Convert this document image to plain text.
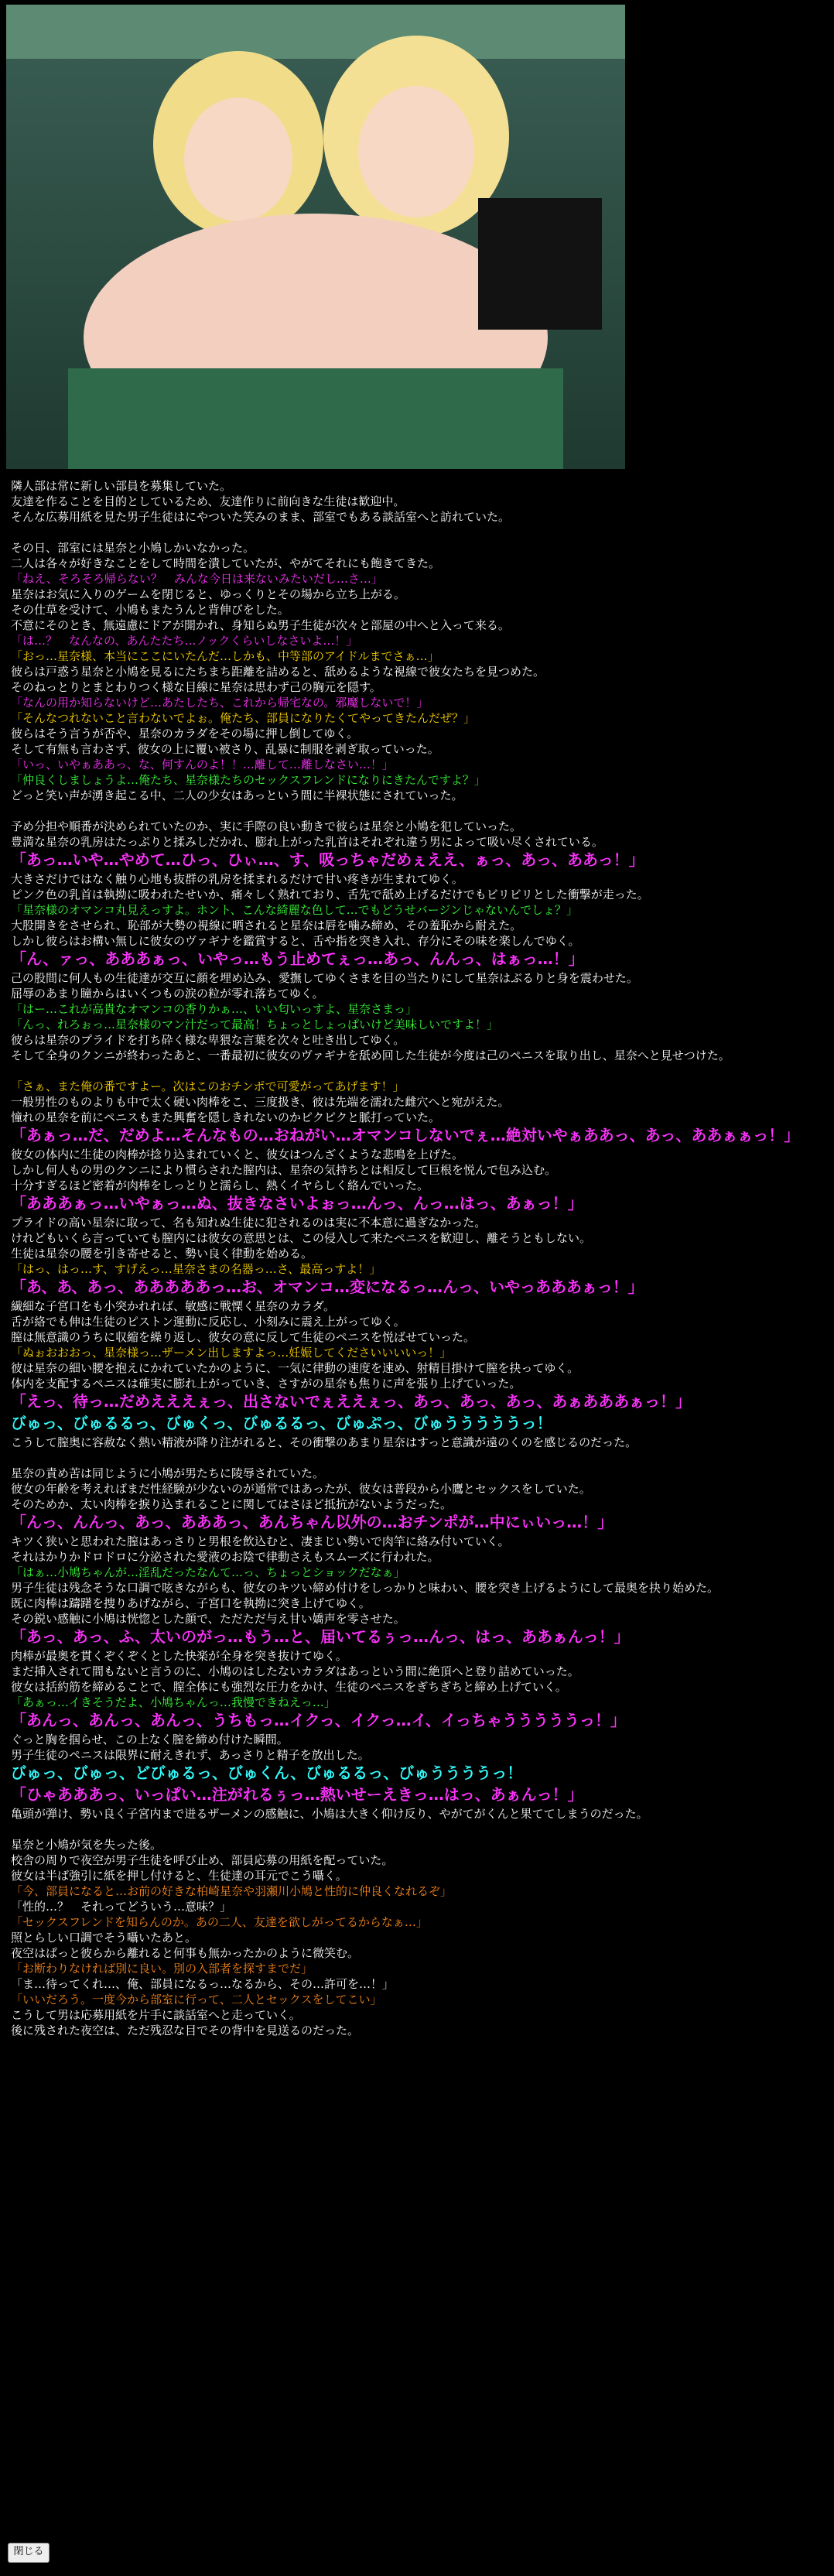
隣人部は常に新しい部員を募集していた。
友達を作ることを目的としているため、友達作りに前向きな生徒は歓迎中。
そんな広募用紙を見た男子生徒はにやついた笑みのまま、部室でもある談話室へと訪れていた。
その日、部室には星奈と小鳩しかいなかった。
二人は各々が好きなことをして時間を潰していたが、やがてそれにも飽きてきた。
「ねえ、そろそろ帰らない？　みんな今日は来ないみたいだし…さ…」
星奈はお気に入りのゲームを閉じると、ゆっくりとその場から立ち上がる。
その仕草を受けて、小鳩もまたうんと背伸びをした。
不意にそのとき、無遠慮にドアが開かれ、身知らぬ男子生徒が次々と部屋の中へと入って来る。
「は…？　なんなの、あんたたち…ノックくらいしなさいよ…！」
「おっ…星奈様、本当にここにいたんだ…しかも、中等部のアイドルまでさぁ…」
彼らは戸惑う星奈と小鳩を見るにたちまち距離を詰めると、舐めるような視線で彼女たちを見つめた。
そのねっとりとまとわりつく様な目線に星奈は思わず己の胸元を隠す。
「なんの用か知らないけど…あたしたち、これから帰宅なの。邪魔しないで！」
「そんなつれないこと言わないでよぉ。俺たち、部員になりたくてやってきたんだぜ？」
彼らはそう言うが否や、星奈のカラダをその場に押し倒してゆく。
そして有無も言わさず、彼女の上に覆い被さり、乱暴に制服を剥ぎ取っていった。
「いっ、いやぁああっ、な、何すんのよ！！…離して…離しなさい…！」
「仲良くしましょうよ…俺たち、星奈様たちのセックスフレンドになりにきたんですよ？」
どっと笑い声が湧き起こる中、二人の少女はあっという間に半裸状態にされていった。
予め分担や順番が決められていたのか、実に手際の良い動きで彼らは星奈と小鳩を犯していった。
豊満な星奈の乳房はたっぷりと揉みしだかれ、膨れ上がった乳首はそれぞれ違う男によって吸い尽くされている。
「あっ…いや…やめて…ひっ、ひぃ…、す、吸っちゃだめぇええ、ぁっ、あっ、ああっ！」
大きさだけではなく触り心地も抜群の乳房を揉まれるだけで甘い疼きが生まれてゆく。
ピンク色の乳首は執拗に吸われたせいか、痛々しく熟れており、舌先で舐め上げるだけでもビリビリとした衝撃が走った。
「星奈様のオマンコ丸見えっすよ。ホント、こんな綺麗な色して…でもどうせバージンじゃないんでしょ？」
大股開きをさせられ、恥部が大勢の視線に晒されると星奈は唇を噛み締め、その羞恥から耐えた。
しかし彼らはお構い無しに彼女のヴァギナを鑑賞すると、舌や指を突き入れ、存分にその味を楽しんでゆく。
「ん、ァっ、あああぁっ、いやっ…もう止めてぇっ…あっ、んんっ、はぁっ…！」
己の股間に何人もの生徒達が交互に顔を埋め込み、愛撫してゆくさまを目の当たりにして星奈はぶるりと身を震わせた。
屈辱のあまり瞳からはいくつもの涙の粒が零れ落ちてゆく。
「はー…これが高貴なオマンコの香りかぁ…、いい匂いっすよ、星奈さまっ」
「んっ、れろぉっ…星奈様のマン汁だって最高！ちょっとしょっぱいけど美味しいですよ！」
彼らは星奈のプライドを打ち砕く様な卑猥な言葉を次々と吐き出してゆく。
そして全身のクンニが終わったあと、一番最初に彼女のヴァギナを舐め回した生徒が今度は己のペニスを取り出し、星奈へと見せつけた。
「さぁ、また俺の番ですよー。次はこのおチンポで可愛がってあげます！」
一般男性のものよりも中で太く硬い肉棒をこ、三度扱き、彼は先端を濡れた雌穴へと宛がえた。
憧れの星奈を前にペニスもまた興奮を隠しきれないのかピクピクと脈打っていた。
「あぁっ…だ、だめよ…そんなもの…おねがい…オマンコしないでぇ…絶対いやぁああっ、あっ、ああぁぁっ！」
彼女の体内に生徒の肉棒が捻り込まれていくと、彼女はつんざくような悲鳴を上げた。
しかし何人もの男のクンニにより慣らされた膣内は、星奈の気持ちとは相反して巨根を悦んで包み込む。
十分すぎるほど密着が肉棒をしっとりと濡らし、熱くイヤらしく絡んでいった。
「あああぁっ…いやぁっ…ぬ、抜きなさいよぉっ…んっ、んっ…はっ、あぁっ！」
プライドの高い星奈に取って、名も知れぬ生徒に犯されるのは実に不本意に過ぎなかった。
けれどもいくら言っていても膣内には彼女の意思とは、この侵入して来たペニスを歓迎し、離そうともしない。
生徒は星奈の腰を引き寄せると、勢い良く律動を始める。
「はっ、はっ…す、すげえっ…星奈さまの名器っ…さ、最高っすよ！」
「あ、あ、あっ、あああああっ…お、オマンコ…変になるっ…んっ、いやっあああぁっ！」
繊細な子宮口をも小突かれれば、敏感に戦慄く星奈のカラダ。
舌が絡でも伸は生徒のピストン運動に反応し、小刻みに震え上がってゆく。
膣は無意識のうちに収縮を繰り返し、彼女の意に反して生徒のペニスを悦ばせていった。
「ぬぉおおおっ、星奈様っ…ザーメン出しますよっ…妊娠してくださいいいいっ！」
彼は星奈の細い腰を抱えにかれていたかのように、一気に律動の速度を速め、射精目掛けて膣を抉ってゆく。
体内を支配するペニスは確実に膨れ上がっていき、さすがの星奈も焦りに声を張り上げていった。
「えっ、待っ…だめえええぇっ、出さないでぇええぇっ、あっ、あっ、あっ、あぁあああぁっ！」
びゅっ、びゅるるっ、びゅくっ、びゅるるっ、びゅぷっ、びゅうううううっ！
こうして膣奥に容赦なく熱い精液が降り注がれると、その衝撃のあまり星奈はすっと意識が遠のくのを感じるのだった。
星奈の責め苦は同じように小鳩が男たちに陵辱されていた。
彼女の年齢を考えればまだ性経験が少ないのが通常ではあったが、彼女は普段から小鷹とセックスをしていた。
そのためか、太い肉棒を捩り込まれることに関してはさほど抵抗がないようだった。
「んっ、んんっ、あっ、あああっ、あんちゃん以外の…おチンポが…中にぃいっ…！」
キツく狭いと思われた膣はあっさりと男根を飲込むと、凄まじい勢いで肉竿に絡み付いていく。
それはかりかドロドロに分泌された愛液のお陰で律動さえもスムーズに行われた。
「はぁ…小鳩ちゃんが…淫乱だったなんて…っ、ちょっとショックだなぁ」
男子生徒は残念そうな口調で呟きながらも、彼女のキツい締め付けをしっかりと味わい、腰を突き上げるようにして最奥を抉り始めた。
既に肉棒は躊躇を捜りあげながら、子宮口を執拗に突き上げてゆく。
その鋭い感触に小鳩は恍惚とした顔で、ただただ与え甘い嬌声を零させた。
「あっ、あっ、ふ、太いのがっ…もう…と、届いてるぅっ…んっ、はっ、ああぁんっ！」
肉棒が最奥を貫くぞくぞくとした快楽が全身を突き抜けてゆく。
まだ挿入されて間もないと言うのに、小鳩のはしたないカラダはあっという間に絶頂へと登り詰めていった。
彼女は括約筋を締めることで、膣全体にも強烈な圧力をかけ、生徒のペニスをぎちぎちと締め上げていく。
「あぁっ…イきそうだよ、小鳩ちゃんっ…我慢できねえっ…」
「あんっ、あんっ、あんっ、うちもっ…イクっ、イクっ…イ、イっちゃうううううっ！」
ぐっと胸を掴らせ、この上なく膣を締め付けた瞬間。
男子生徒のペニスは限界に耐えきれず、あっさりと精子を放出した。
びゅっ、びゅっ、どびゅるっ、びゅくん、びゅるるっ、びゅううううっ！
「ひゃあああっ、いっぱい…注がれるぅっ…熱いせーえきっ…はっ、あぁんっ！」
亀頭が弾け、勢い良く子宮内まで迸るザーメンの感触に、小鳩は大きく仰け反り、やがてがくんと果ててしまうのだった。
星奈と小鳩が気を失った後。
校舎の周りで夜空が男子生徒を呼び止め、部員応募の用紙を配っていた。
彼女は半ば強引に紙を押し付けると、生徒達の耳元でこう囁く。
「今、部員になると…お前の好きな柏崎星奈や羽瀬川小鳩と性的に仲良くなれるぞ」
「性的…？　それってどういう…意味？」
「セックスフレンドを知らんのか。あの二人、友達を欲しがってるからなぁ…」
照とらしい口調でそう囁いたあと。
夜空はぱっと彼らから離れると何事も無かったかのように微笑む。
「お断わりなければ別に良い。別の入部者を探すまでだ」
「ま…待ってくれ…、俺、部員になるっ…なるから、その…許可を…！」
「いいだろう。一度今から部室に行って、二人とセックスをしてこい」
こうして男は応募用紙を片手に談話室へと走っていく。
後に残された夜空は、ただ残忍な目でその背中を見送るのだった。
閉じる
